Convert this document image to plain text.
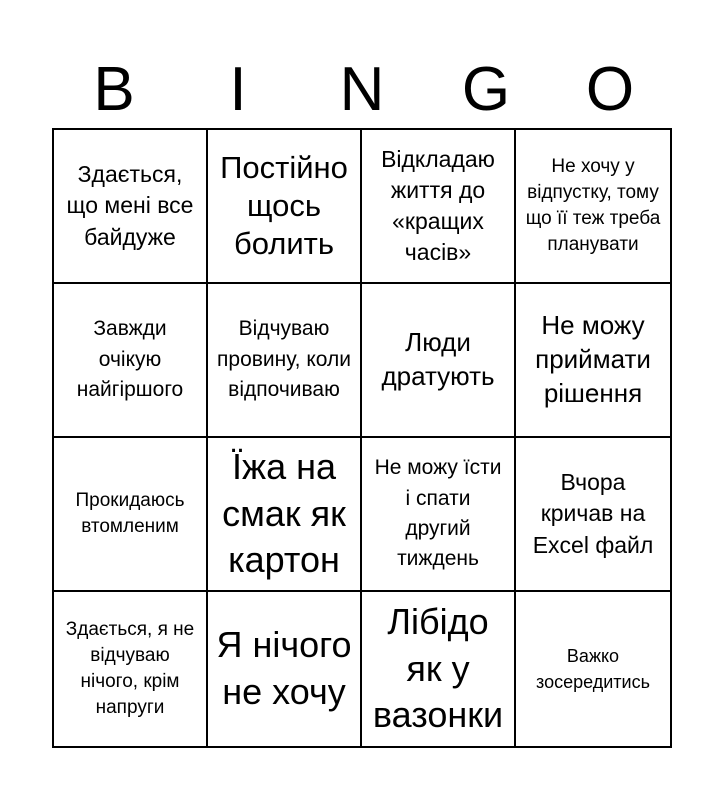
B	I	N	G	O
Здається, що мені все байдуже
Постійно щось болить
Відкладаю життя до «кращих часів»
Не хочу у відпустку, тому що її теж треба планувати
Завжди очікую найгіршого
Відчуваю провину, коли відпочиваю
Люди дратують
Не можу приймати рішення
Прокидаюсь втомленим
Їжа на смак як картон
Не можу їсти і спати другий тиждень
Вчора кричав на Excel файл
Здається, я не відчуваю нічого, крім напруги
Я нічого не хочу
Лібідо як у вазонки
Важко зосередитись
